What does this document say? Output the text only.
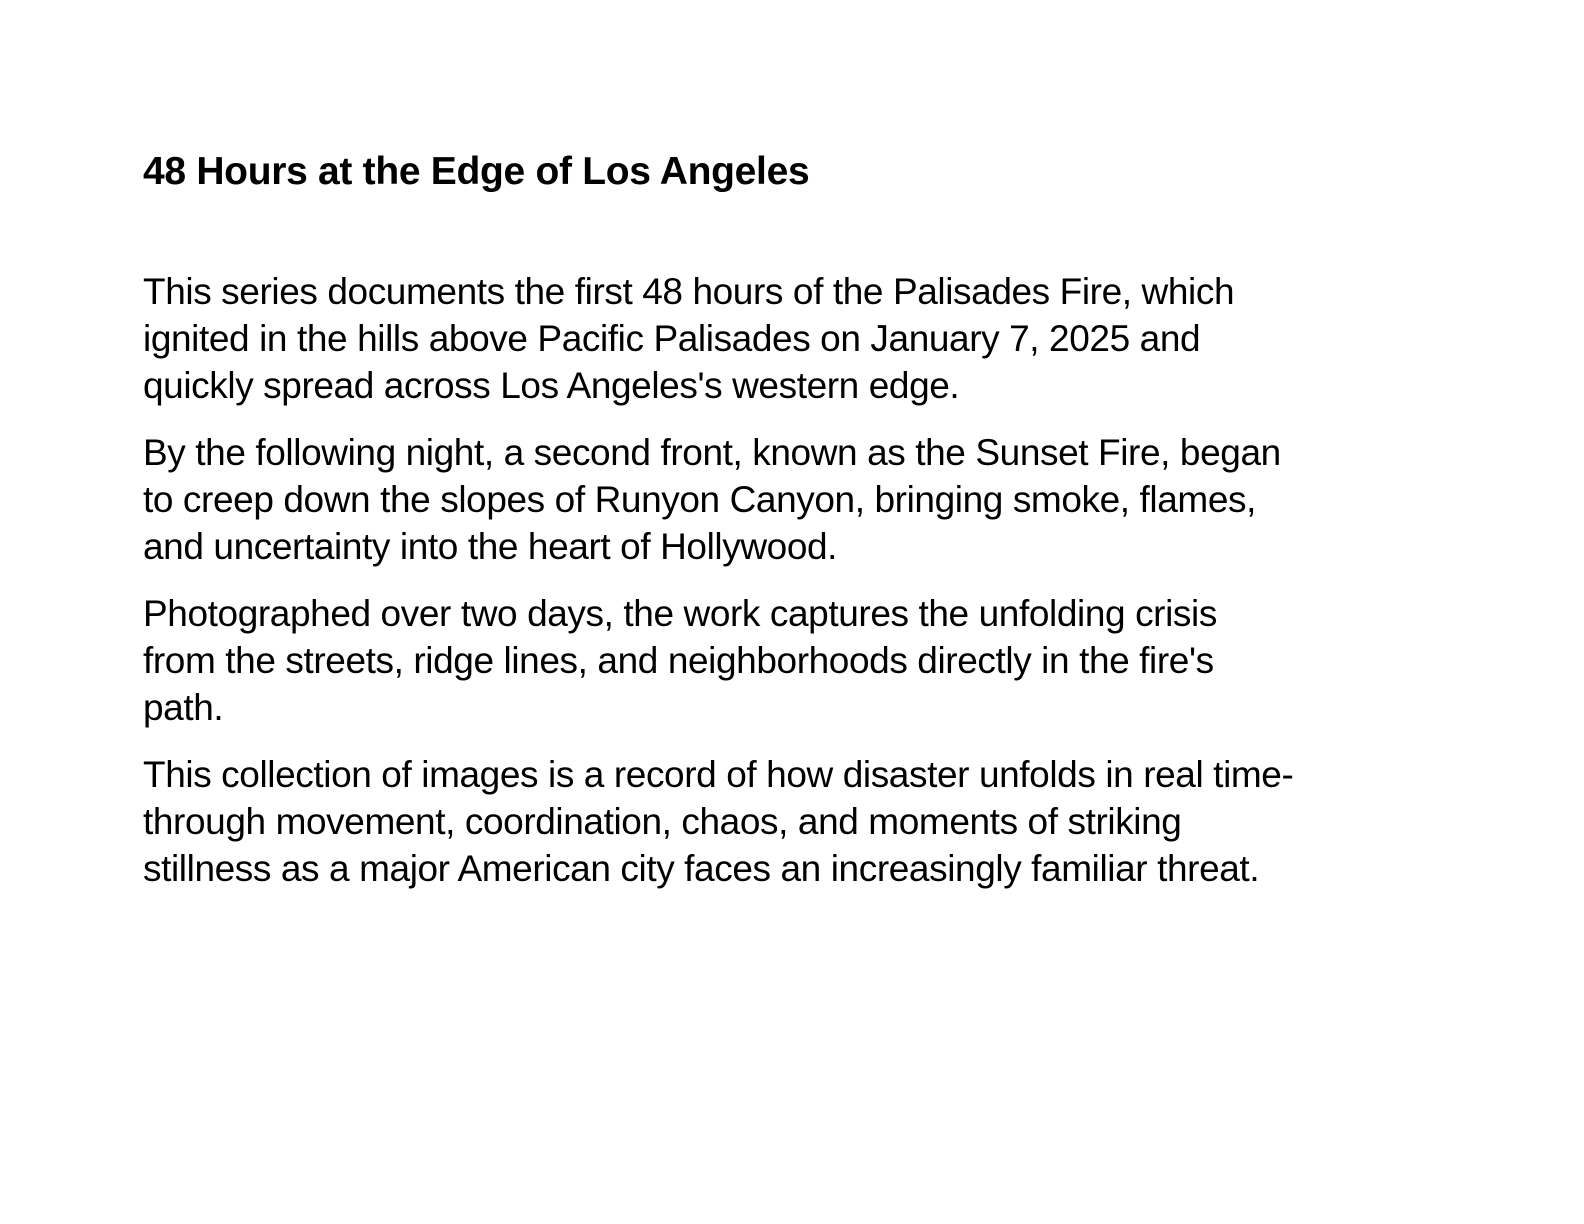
48 Hours at the Edge of Los Angeles

This series documents the first 48 hours of the Palisades Fire, which
ignited in the hills above Pacific Palisades on January 7, 2025 and
quickly spread across Los Angeles's western edge.

By the following night, a second front, known as the Sunset Fire, began
to creep down the slopes of Runyon Canyon, bringing smoke, flames,
and uncertainty into the heart of Hollywood.

Photographed over two days, the work captures the unfolding crisis
from the streets, ridge lines, and neighborhoods directly in the fire's
path.

This collection of images is a record of how disaster unfolds in real time-
through movement, coordination, chaos, and moments of striking
stillness as a major American city faces an increasingly familiar threat.
